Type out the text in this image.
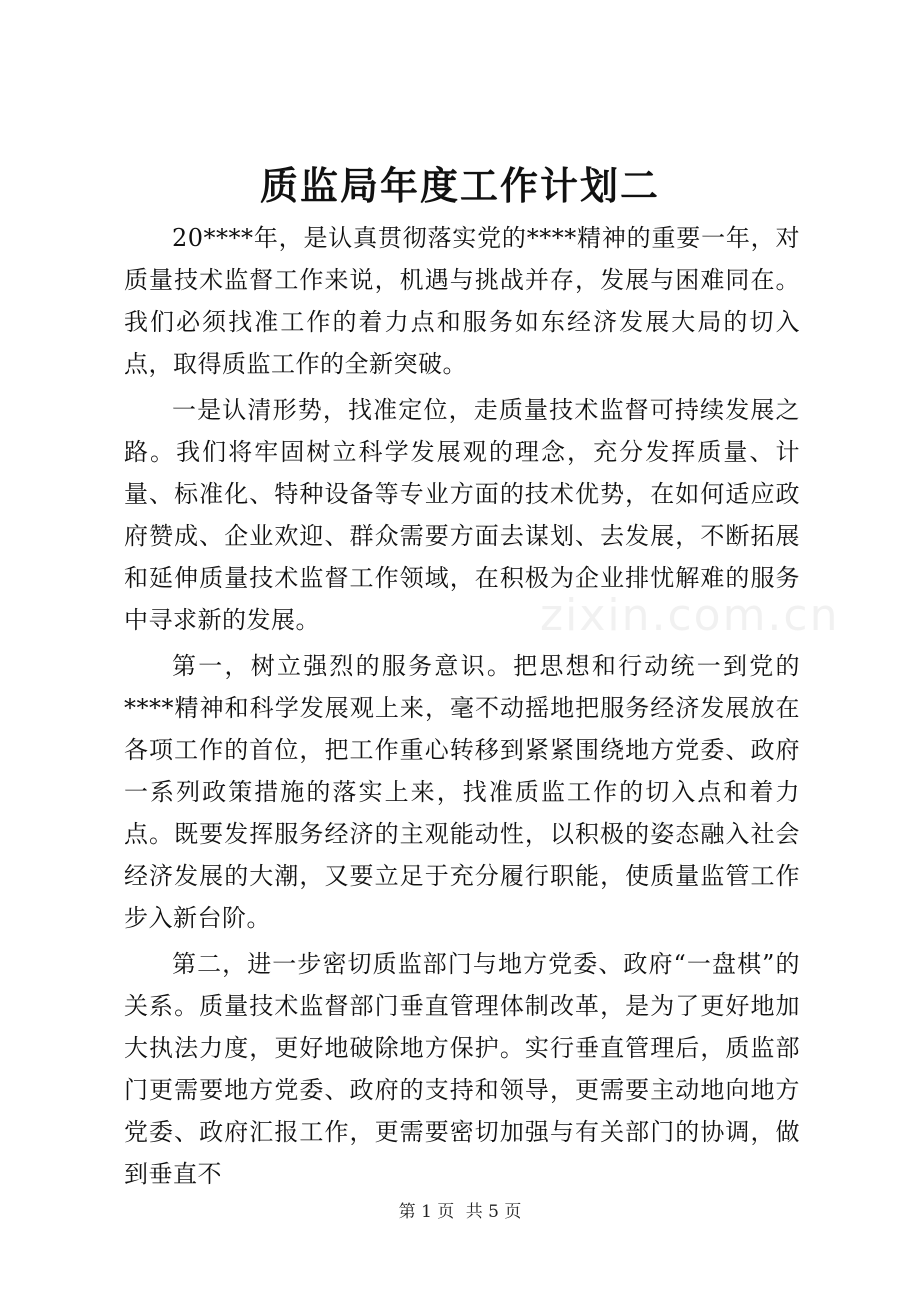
质监局年度工作计划二

20****年，是认真贯彻落实党的****精神的重要一年，对质量技术监督工作来说，机遇与挑战并存，发展与困难同在。我们必须找准工作的着力点和服务如东经济发展大局的切入点，取得质监工作的全新突破。

一是认清形势，找准定位，走质量技术监督可持续发展之路。我们将牢固树立科学发展观的理念，充分发挥质量、计量、标准化、特种设备等专业方面的技术优势，在如何适应政府赞成、企业欢迎、群众需要方面去谋划、去发展，不断拓展和延伸质量技术监督工作领域，在积极为企业排忧解难的服务中寻求新的发展。

第一，树立强烈的服务意识。把思想和行动统一到党的****精神和科学发展观上来，毫不动摇地把服务经济发展放在各项工作的首位，把工作重心转移到紧紧围绕地方党委、政府一系列政策措施的落实上来，找准质监工作的切入点和着力点。既要发挥服务经济的主观能动性，以积极的姿态融入社会经济发展的大潮，又要立足于充分履行职能，使质量监管工作步入新台阶。

第二，进一步密切质监部门与地方党委、政府“一盘棋”的关系。质量技术监督部门垂直管理体制改革，是为了更好地加大执法力度，更好地破除地方保护。实行垂直管理后，质监部门更需要地方党委、政府的支持和领导，更需要主动地向地方党委、政府汇报工作，更需要密切加强与有关部门的协调，做到垂直不

zixin.com.cn
第 1 页 共 5 页
